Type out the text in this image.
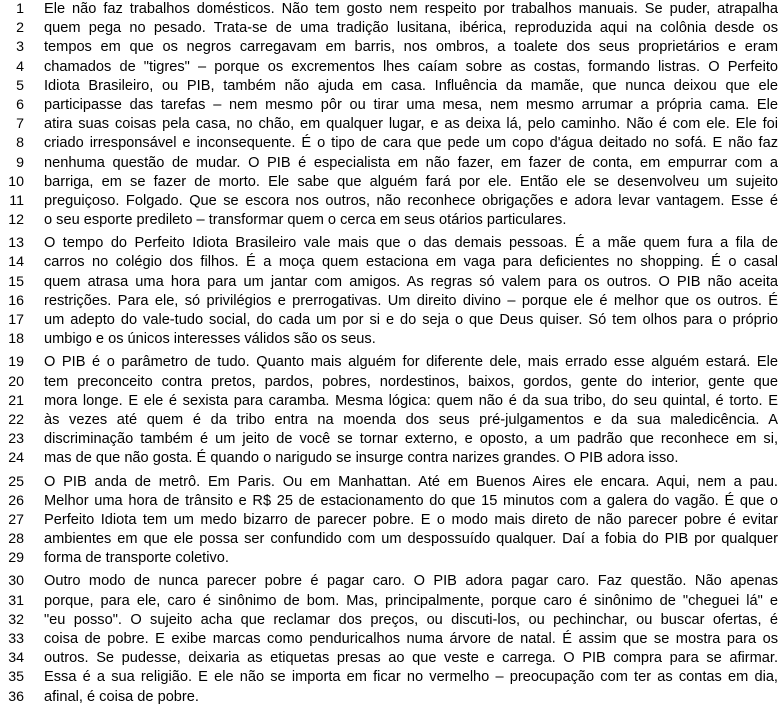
1 Ele não faz trabalhos domésticos. Não tem gosto nem respeito por trabalhos manuais. Se puder, atrapalha
2 quem pega no pesado. Trata-se de uma tradição lusitana, ibérica, reproduzida aqui na colônia desde os
3 tempos em que os negros carregavam em barris, nos ombros, a toalete dos seus proprietários e eram
4 chamados de "tigres" – porque os excrementos lhes caíam sobre as costas, formando listras. O Perfeito
5 Idiota Brasileiro, ou PIB, também não ajuda em casa. Influência da mamãe, que nunca deixou que ele
6 participasse das tarefas – nem mesmo pôr ou tirar uma mesa, nem mesmo arrumar a própria cama. Ele
7 atira suas coisas pela casa, no chão, em qualquer lugar, e as deixa lá, pelo caminho. Não é com ele. Ele foi
8 criado irresponsável e inconsequente. É o tipo de cara que pede um copo d'água deitado no sofá. E não faz
9 nenhuma questão de mudar. O PIB é especialista em não fazer, em fazer de conta, em empurrar com a
10 barriga, em se fazer de morto. Ele sabe que alguém fará por ele. Então ele se desenvolveu um sujeito
11 preguiçoso. Folgado. Que se escora nos outros, não reconhece obrigações e adora levar vantagem. Esse é
12 o seu esporte predileto – transformar quem o cerca em seus otários particulares.
13 O tempo do Perfeito Idiota Brasileiro vale mais que o das demais pessoas. É a mãe quem fura a fila de
14 carros no colégio dos filhos. É a moça quem estaciona em vaga para deficientes no shopping. É o casal
15 quem atrasa uma hora para um jantar com amigos. As regras só valem para os outros. O PIB não aceita
16 restrições. Para ele, só privilégios e prerrogativas. Um direito divino – porque ele é melhor que os outros. É
17 um adepto do vale-tudo social, do cada um por si e do seja o que Deus quiser. Só tem olhos para o próprio
18 umbigo e os únicos interesses válidos são os seus.
19 O PIB é o parâmetro de tudo. Quanto mais alguém for diferente dele, mais errado esse alguém estará. Ele
20 tem preconceito contra pretos, pardos, pobres, nordestinos, baixos, gordos, gente do interior, gente que
21 mora longe. E ele é sexista para caramba. Mesma lógica: quem não é da sua tribo, do seu quintal, é torto. E
22 às vezes até quem é da tribo entra na moenda dos seus pré-julgamentos e da sua maledicência. A
23 discriminação também é um jeito de você se tornar externo, e oposto, a um padrão que reconhece em si,
24 mas de que não gosta. É quando o narigudo se insurge contra narizes grandes. O PIB adora isso.
25 O PIB anda de metrô. Em Paris. Ou em Manhattan. Até em Buenos Aires ele encara. Aqui, nem a pau.
26 Melhor uma hora de trânsito e R$ 25 de estacionamento do que 15 minutos com a galera do vagão. É que o
27 Perfeito Idiota tem um medo bizarro de parecer pobre. E o modo mais direto de não parecer pobre é evitar
28 ambientes em que ele possa ser confundido com um despossuído qualquer. Daí a fobia do PIB por qualquer
29 forma de transporte coletivo.
30 Outro modo de nunca parecer pobre é pagar caro. O PIB adora pagar caro. Faz questão. Não apenas
31 porque, para ele, caro é sinônimo de bom. Mas, principalmente, porque caro é sinônimo de "cheguei lá" e
32 "eu posso". O sujeito acha que reclamar dos preços, ou discuti-los, ou pechinchar, ou buscar ofertas, é
33 coisa de pobre. E exibe marcas como penduricalhos numa árvore de natal. É assim que se mostra para os
34 outros. Se pudesse, deixaria as etiquetas presas ao que veste e carrega. O PIB compra para se afirmar.
35 Essa é a sua religião. E ele não se importa em ficar no vermelho – preocupação com ter as contas em dia,
36 afinal, é coisa de pobre.
